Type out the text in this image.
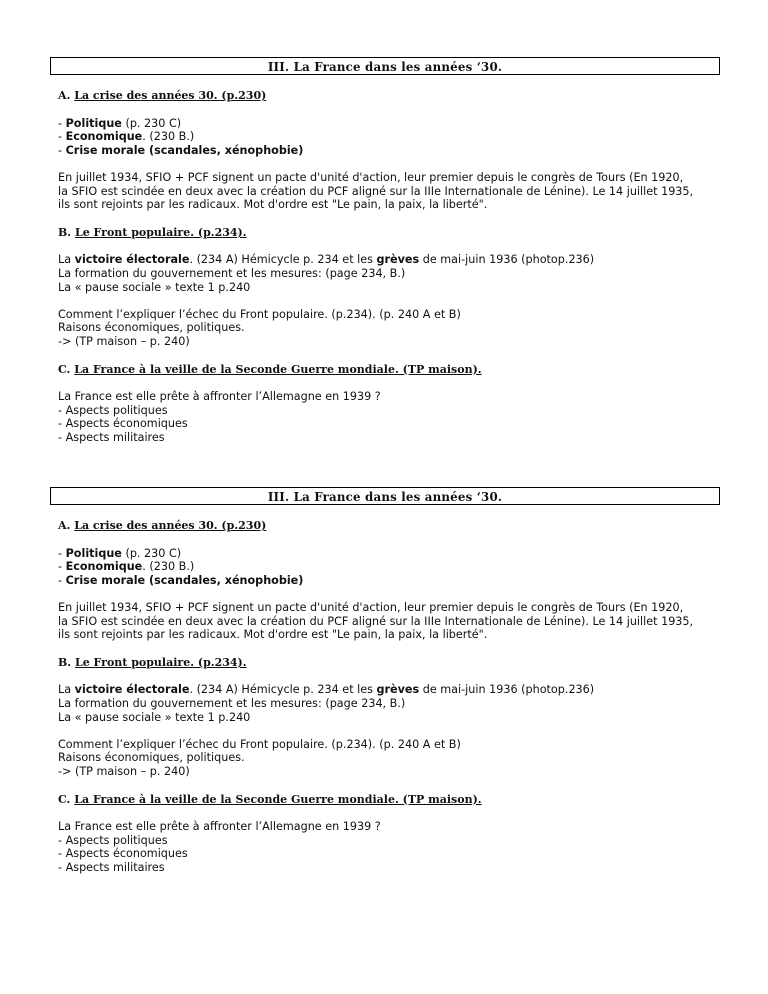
III. La France dans les années ‘30.
A. La crise des années 30. (p.230)
- Politique (p. 230 C)
- Economique. (230 B.)
- Crise morale (scandales, xénophobie)
En juillet 1934, SFIO + PCF signent un pacte d'unité d'action, leur premier depuis le congrès de Tours (En 1920,
la SFIO est scindée en deux avec la création du PCF aligné sur la IIIe Internationale de Lénine). Le 14 juillet 1935,
ils sont rejoints par les radicaux. Mot d'ordre est "Le pain, la paix, la liberté".
B. Le Front populaire. (p.234).
La victoire électorale. (234 A) Hémicycle p. 234 et les grèves de mai-juin 1936 (photop.236)
La formation du gouvernement et les mesures: (page 234, B.)
La « pause sociale » texte 1 p.240
Comment l’expliquer l’échec du Front populaire. (p.234). (p. 240 A et B)
Raisons économiques, politiques.
-> (TP maison – p. 240)
C. La France à la veille de la Seconde Guerre mondiale. (TP maison).
La France est elle prête à affronter l’Allemagne en 1939 ?
- Aspects politiques
- Aspects économiques
- Aspects militaires
III. La France dans les années ‘30.
A. La crise des années 30. (p.230)
- Politique (p. 230 C)
- Economique. (230 B.)
- Crise morale (scandales, xénophobie)
En juillet 1934, SFIO + PCF signent un pacte d'unité d'action, leur premier depuis le congrès de Tours (En 1920,
la SFIO est scindée en deux avec la création du PCF aligné sur la IIIe Internationale de Lénine). Le 14 juillet 1935,
ils sont rejoints par les radicaux. Mot d'ordre est "Le pain, la paix, la liberté".
B. Le Front populaire. (p.234).
La victoire électorale. (234 A) Hémicycle p. 234 et les grèves de mai-juin 1936 (photop.236)
La formation du gouvernement et les mesures: (page 234, B.)
La « pause sociale » texte 1 p.240
Comment l’expliquer l’échec du Front populaire. (p.234). (p. 240 A et B)
Raisons économiques, politiques.
-> (TP maison – p. 240)
C. La France à la veille de la Seconde Guerre mondiale. (TP maison).
La France est elle prête à affronter l’Allemagne en 1939 ?
- Aspects politiques
- Aspects économiques
- Aspects militaires
